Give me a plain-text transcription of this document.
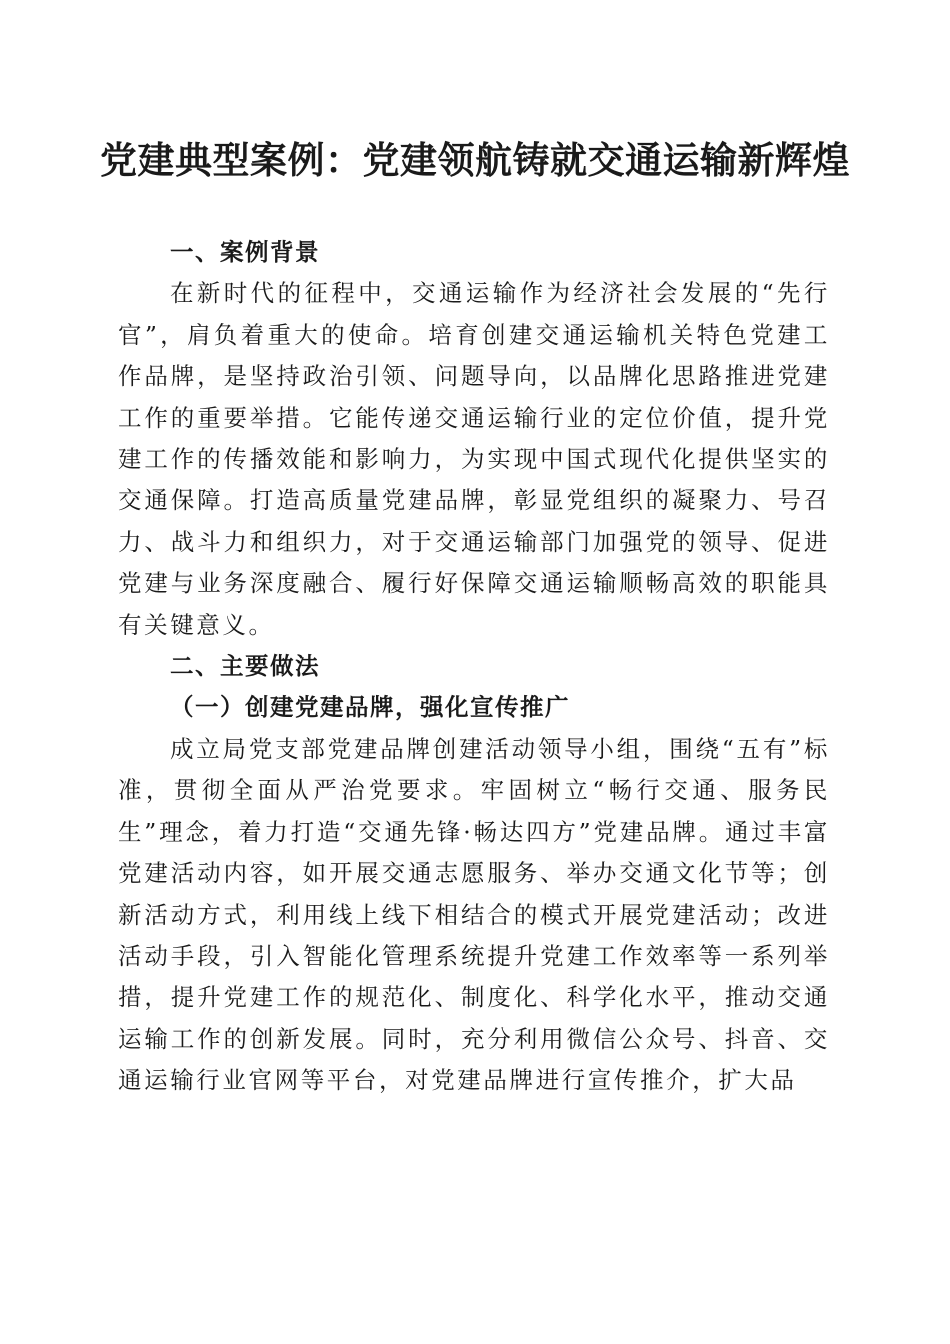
党建典型案例：党建领航铸就交通运输新辉煌

一、案例背景

在新时代的征程中，交通运输作为经济社会发展的“先行官”，肩负着重大的使命。培育创建交通运输机关特色党建工作品牌，是坚持政治引领、问题导向，以品牌化思路推进党建工作的重要举措。它能传递交通运输行业的定位价值，提升党建工作的传播效能和影响力，为实现中国式现代化提供坚实的交通保障。打造高质量党建品牌，彰显党组织的凝聚力、号召力、战斗力和组织力，对于交通运输部门加强党的领导、促进党建与业务深度融合、履行好保障交通运输顺畅高效的职能具有关键意义。

二、主要做法

（一）创建党建品牌，强化宣传推广

成立局党支部党建品牌创建活动领导小组，围绕“五有”标准，贯彻全面从严治党要求。牢固树立“畅行交通、服务民生”理念，着力打造“交通先锋·畅达四方”党建品牌。通过丰富党建活动内容，如开展交通志愿服务、举办交通文化节等；创新活动方式，利用线上线下相结合的模式开展党建活动；改进活动手段，引入智能化管理系统提升党建工作效率等一系列举措，提升党建工作的规范化、制度化、科学化水平，推动交通运输工作的创新发展。同时，充分利用微信公众号、抖音、交通运输行业官网等平台，对党建品牌进行宣传推介，扩大品
